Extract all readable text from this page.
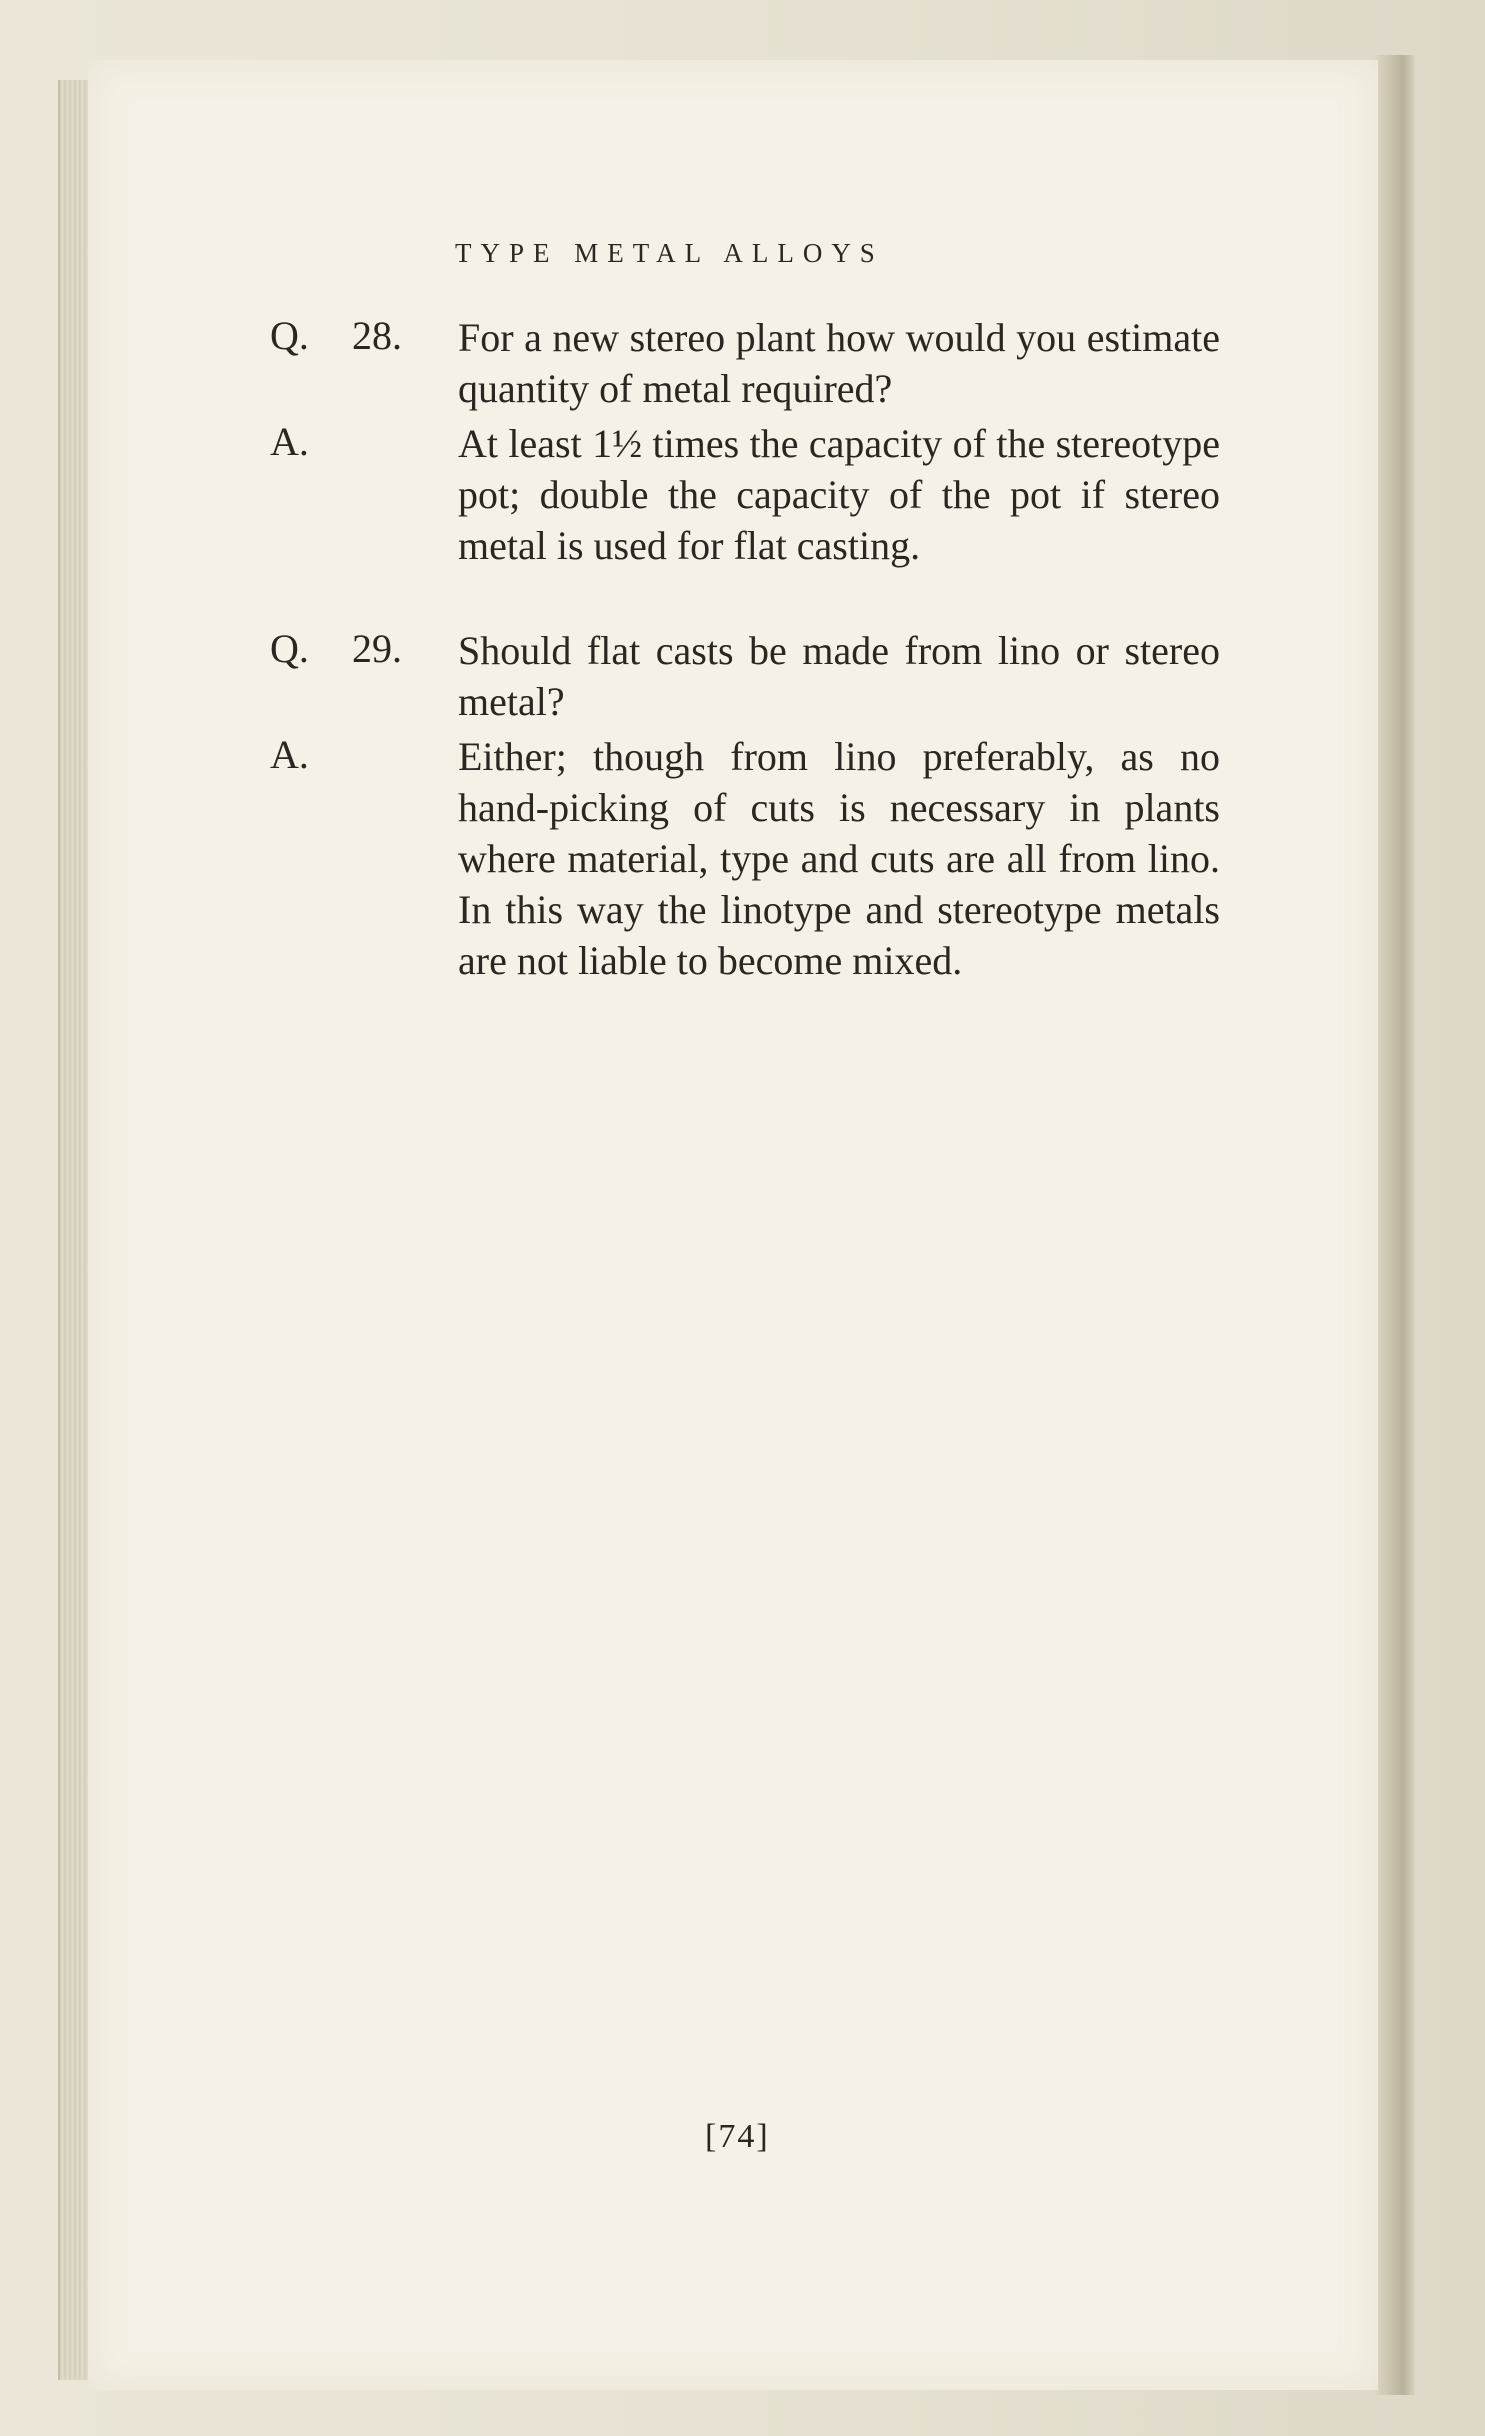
TYPE METAL ALLOYS
Q. 28. For a new stereo plant how would you estimate quantity of metal required?
A.	At least 1½ times the capacity of the stereotype pot; double the capacity of the pot if stereo metal is used for flat casting.
Q. 29. Should flat casts be made from lino or stereo metal?
A.	Either; though from lino preferably, as no hand-picking of cuts is necessary in plants where material, type and cuts are all from lino. In this way the linotype and stereotype metals are not liable to become mixed.
[74]
